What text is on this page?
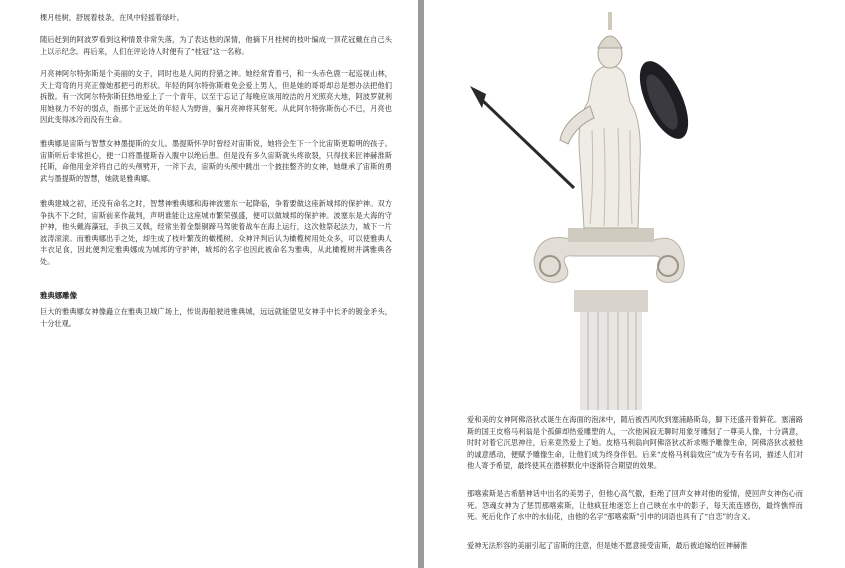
棵月桂树，舒展着枝条，在风中轻摇着绿叶。

随后赶到的阿波罗看到这种情景非常失落，为了表达他的深情，他摘下月桂树的枝叶编成一顶花冠戴在自己头上以示纪念。再后来，人们在评论诗人时便有了“桂冠”这一名称。

月亮神阿尔特弥斯是个美丽的女子，同时也是人间的狩猎之神。她经常背着弓，和一头赤色鹿一起巡视山林，天上弯弯的月亮正像她那把弓的形状。年轻的阿尔特弥斯难免会爱上男人，但是她的哥哥却总是想办法把他们拆散。有一次阿尔特弥斯狂热地爱上了一个青年，以至于忘记了每晚应该用皎洁的月光照亮大地，阿波罗就利用她视力不好的弱点，指那个正远处的年轻人为野兽，骗月亮神将其射死。从此阿尔特弥斯伤心不已，月亮也因此变得冰冷而没有生命。

雅典娜是宙斯与智慧女神墨提斯的女儿。墨提斯怀孕时曾经对宙斯说，她将会生下一个比宙斯更聪明的孩子。宙斯听后非常担心，便一口将墨提斯吞入腹中以绝后患。但是没有多久宙斯就头疼欲裂，只得找来匠神赫淮斯托斯，命他用金斧将自己的头颅劈开，一斧下去，宙斯的头颅中跳出一个披挂整齐的女神，她继承了宙斯的勇武与墨提斯的智慧，她就是雅典娜。

雅典建城之初，还没有命名之时，智慧神雅典娜和海神波塞东一起降临，争着要做这座新城邦的保护神。双方争执不下之时，宙斯前来作裁判，声明谁能让这座城市繁荣强盛，便可以做城邦的保护神。波塞东是大海的守护神，他头戴海藻冠，手执三叉戟，经常坐着金鬃铜蹄马驾驶着战车在海上运行，这次他祭起法力，城下一片波涛滚滚。而雅典娜出手之处，却生成了枝叶繁茂的橄榄树。众神评判后认为橄榄树用处众多，可以使雅典人丰衣足食，因此便判定雅典娜成为城邦的守护神，城邦的名字也因此被命名为雅典，从此橄榄树并满雅典各处。

雅典娜雕像

巨大的雅典娜女神像矗立在雅典卫城广场上，传说海船驶进雅典城，远远就能望见女神手中长矛的镀金矛头，十分壮观。

爱和美的女神阿佛洛狄忒诞生在海面的泡沫中，随后被西风吹到塞浦路斯岛，脚下还盛开着鲜花。塞浦路斯的国王皮格马利翁是个孤僻却热爱雕塑的人，一次他闲寂无聊时用象牙雕刻了一尊美人像，十分满意，时时对着它沉思神往，后来竟然爱上了她。皮格马利翁向阿佛洛狄忒祈求赐予雕像生命，阿佛洛狄忒被他的诚意感动，便赋予雕像生命，让他们成为终身伴侣。后来“皮格马利翁效应”成为专有名词，描述人们对他人寄予希望，最终使其在潜移默化中逐渐符合期望的效果。

那喀索斯是古希腊神话中出名的美男子，但他心高气傲，拒绝了回声女神对他的爱情，使回声女神伤心而死。怨魂女神为了惩罚那喀索斯，让他疯狂地迷恋上自己映在水中的影子，每天流连感伤，最终憔悴而死。死后化作了水中的水仙花，由他的名字“那喀索斯”引申的词语也具有了“自恋”的含义。

爱神无法形容的美丽引起了宙斯的注意，但是她不愿意接受宙斯，最后被迫嫁给匠神赫淮
